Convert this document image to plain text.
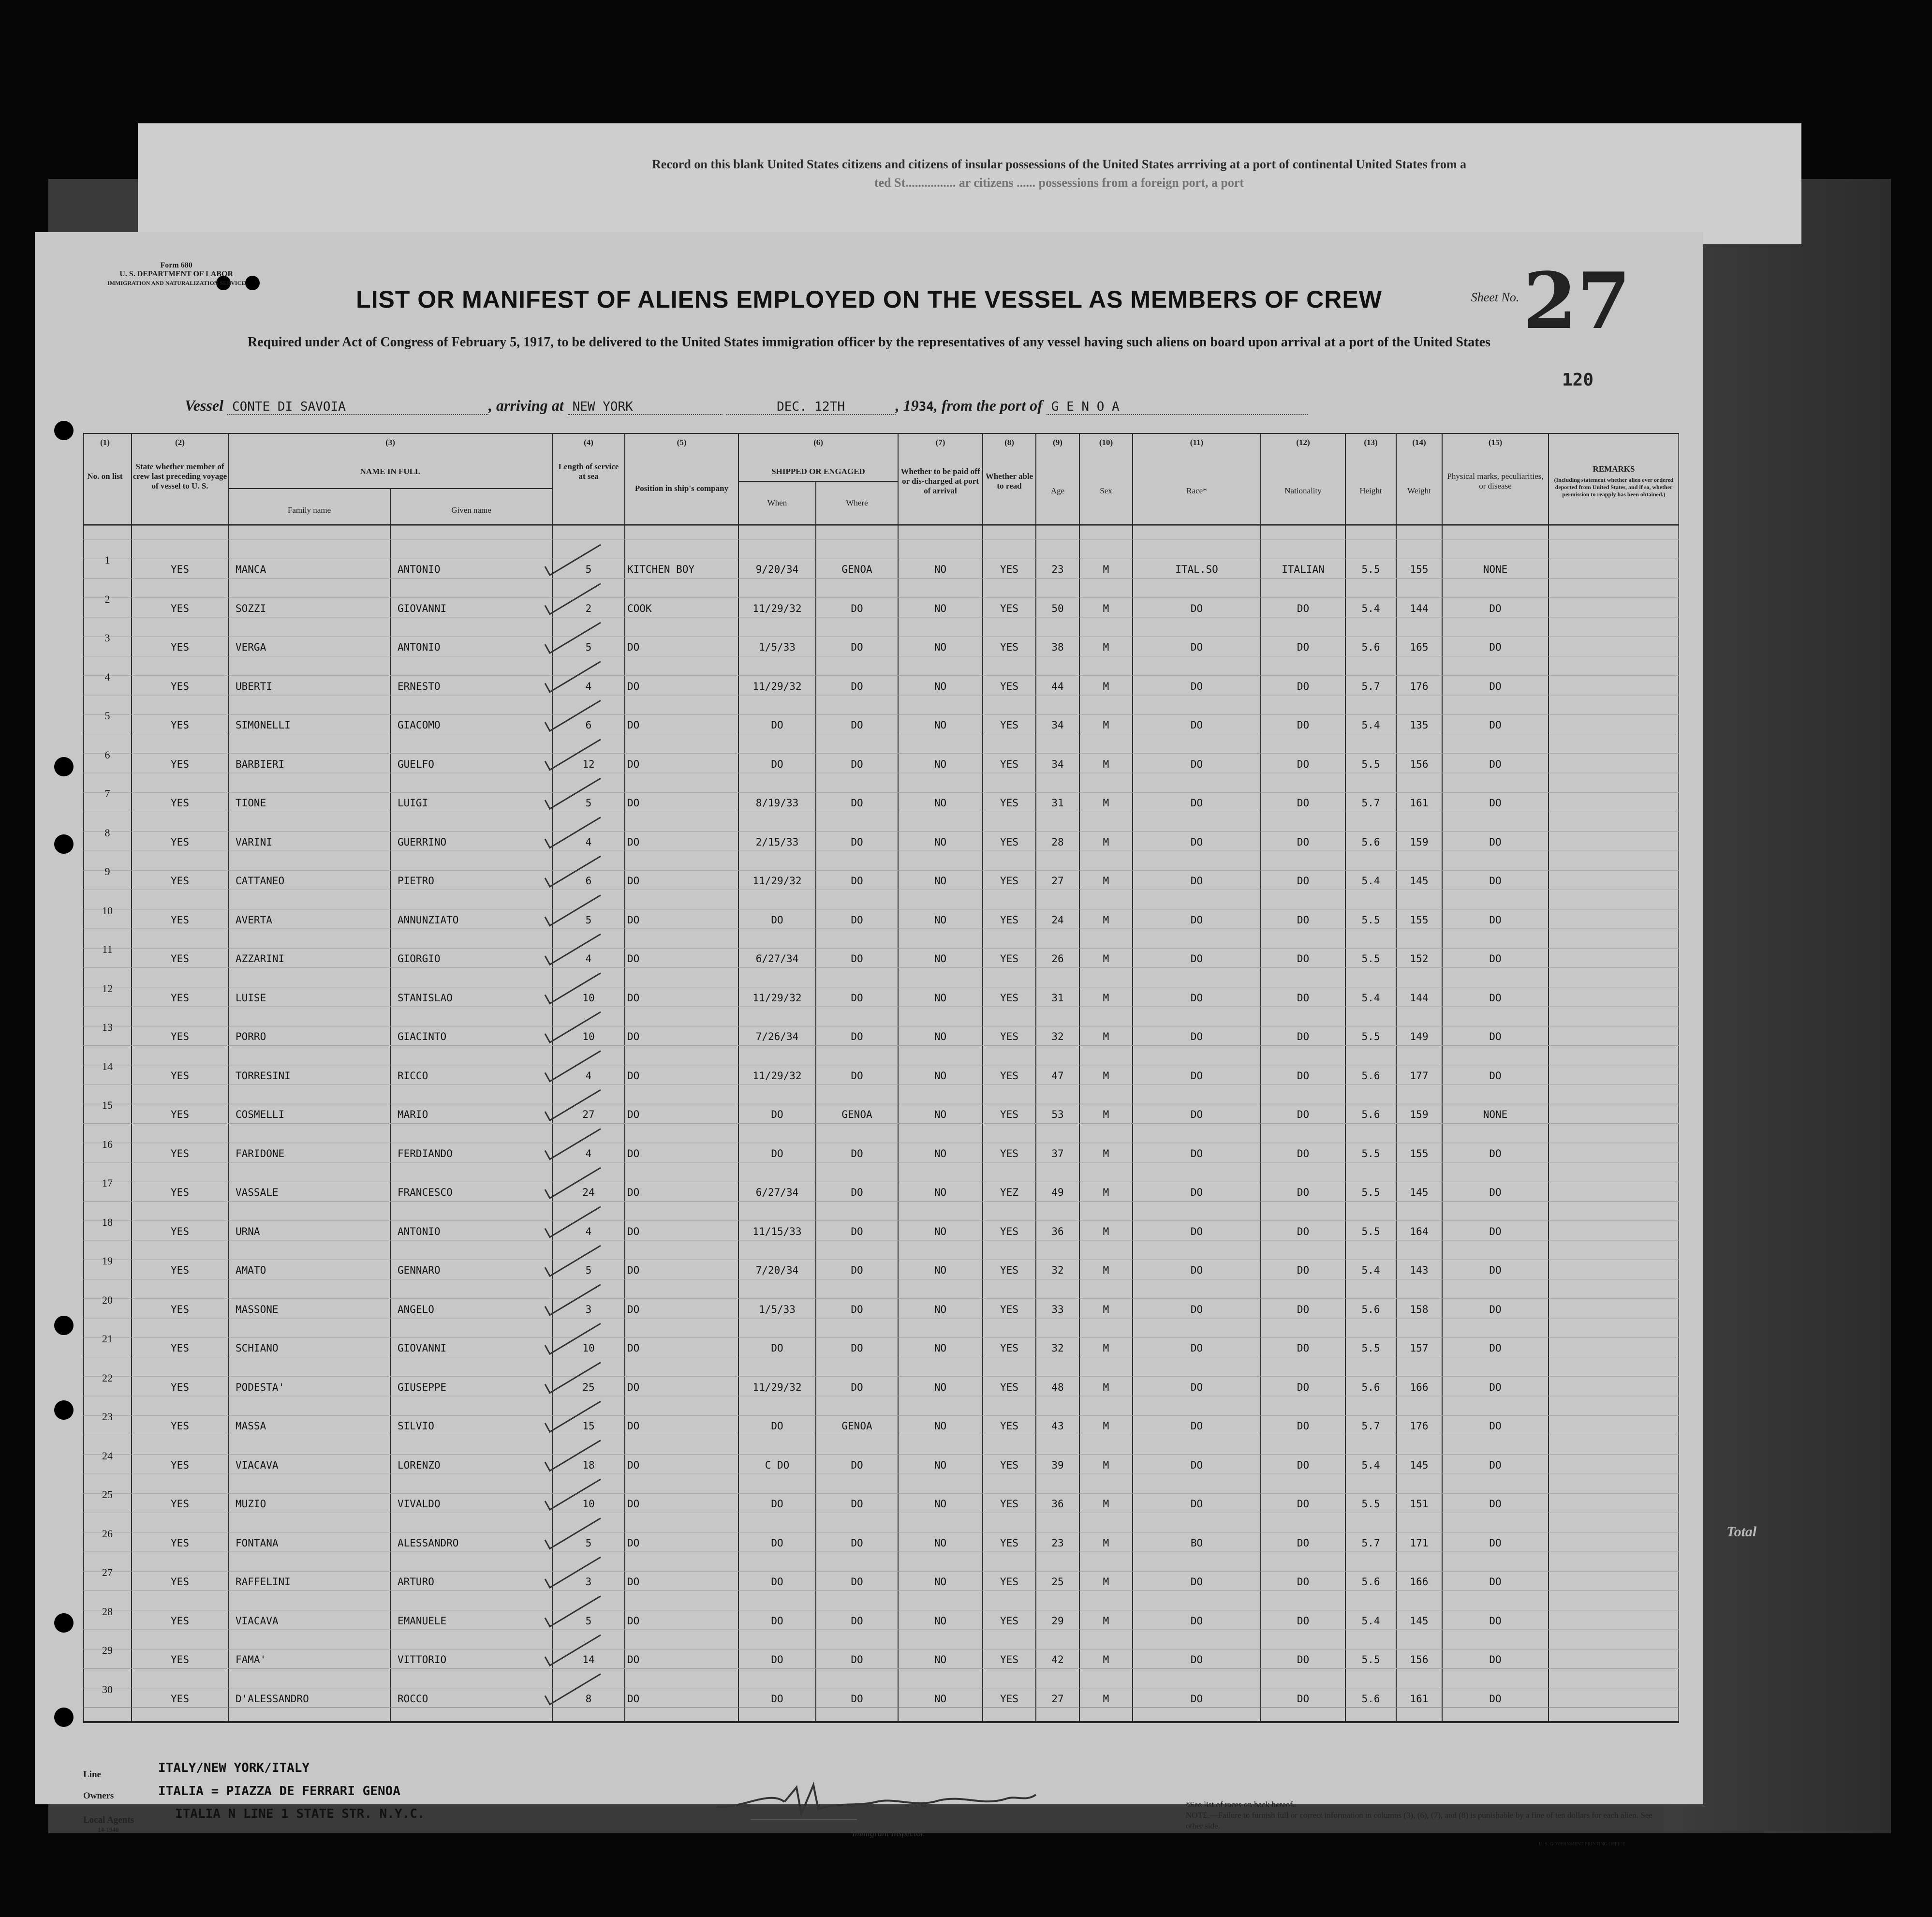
Record on this blank United States citizens and citizens of insular possessions of the United States arrriving at a port of continental United States from a
ted St................ ar citizens ...... possessions from a foreign port, a port
Total
Form 680
U. S. DEPARTMENT OF LABOR
IMMIGRATION AND NATURALIZATION SERVICE
Sheet No.27
LIST OR MANIFEST OF ALIENS EMPLOYED ON THE VESSEL AS MEMBERS OF CREW
Required under Act of Congress of February 5, 1917, to be delivered to the United States immigration officer by the representatives of any vessel having such aliens on board upon arrival at a port of the United States
120
Vessel CONTE DI SAVOIA	, arriving at NEW YORK	DEC. 12TH	, 1934, from the port of G E N O A
(1)
No. on list
(2)
State whether member of crew last preceding voyage of vessel to U. S.
(3)
NAME IN FULL
Family name	Given name
(4)
Length of service at sea
(5)
Position in ship's company
(6)
SHIPPED OR ENGAGED
When	Where
(7)
Whether to be paid off or dis-charged at port of arrival
(8)
Whether able to read
(9)
Age
(10)
Sex
(11)
Race*
(12)
Nationality
(13)
Height
(14)
Weight
(15)
Physical marks, peculiarities, or disease
REMARKS
(Including statement whether alien ever ordered deported from United States, and if so, whether permission to reapply has been obtained.)
1
YES	MANCA	ANTONIO	5	KITCHEN BOY	9/20/34	GENOA	NO	YES	23	M	ITAL.SO	ITALIAN	5.5	155	NONE
2
YES	SOZZI	GIOVANNI	2	COOK	11/29/32	DO	NO	YES	50	M	DO	DO	5.4	144	DO
3
YES	VERGA	ANTONIO	5	DO	1/5/33	DO	NO	YES	38	M	DO	DO	5.6	165	DO
4
YES	UBERTI	ERNESTO	4	DO	11/29/32	DO	NO	YES	44	M	DO	DO	5.7	176	DO
5
YES	SIMONELLI	GIACOMO	6	DO	DO	DO	NO	YES	34	M	DO	DO	5.4	135	DO
6
YES	BARBIERI	GUELFO	12	DO	DO	DO	NO	YES	34	M	DO	DO	5.5	156	DO
7
YES	TIONE	LUIGI	5	DO	8/19/33	DO	NO	YES	31	M	DO	DO	5.7	161	DO
8
YES	VARINI	GUERRINO	4	DO	2/15/33	DO	NO	YES	28	M	DO	DO	5.6	159	DO
9
YES	CATTANEO	PIETRO	6	DO	11/29/32	DO	NO	YES	27	M	DO	DO	5.4	145	DO
10
YES	AVERTA	ANNUNZIATO	5	DO	DO	DO	NO	YES	24	M	DO	DO	5.5	155	DO
11
YES	AZZARINI	GIORGIO	4	DO	6/27/34	DO	NO	YES	26	M	DO	DO	5.5	152	DO
12
YES	LUISE	STANISLAO	10	DO	11/29/32	DO	NO	YES	31	M	DO	DO	5.4	144	DO
13
YES	PORRO	GIACINTO	10	DO	7/26/34	DO	NO	YES	32	M	DO	DO	5.5	149	DO
14
YES	TORRESINI	RICCO	4	DO	11/29/32	DO	NO	YES	47	M	DO	DO	5.6	177	DO
15
YES	COSMELLI	MARIO	27	DO	DO	GENOA	NO	YES	53	M	DO	DO	5.6	159	NONE
16
YES	FARIDONE	FERDIANDO	4	DO	DO	DO	NO	YES	37	M	DO	DO	5.5	155	DO
17
YES	VASSALE	FRANCESCO	24	DO	6/27/34	DO	NO	YEZ	49	M	DO	DO	5.5	145	DO
18
YES	URNA	ANTONIO	4	DO	11/15/33	DO	NO	YES	36	M	DO	DO	5.5	164	DO
19
YES	AMATO	GENNARO	5	DO	7/20/34	DO	NO	YES	32	M	DO	DO	5.4	143	DO
20
YES	MASSONE	ANGELO	3	DO	1/5/33	DO	NO	YES	33	M	DO	DO	5.6	158	DO
21
YES	SCHIANO	GIOVANNI	10	DO	DO	DO	NO	YES	32	M	DO	DO	5.5	157	DO
22
YES	PODESTA'	GIUSEPPE	25	DO	11/29/32	DO	NO	YES	48	M	DO	DO	5.6	166	DO
23
YES	MASSA	SILVIO	15	DO	DO	GENOA	NO	YES	43	M	DO	DO	5.7	176	DO
24
YES	VIACAVA	LORENZO	18	DO	C DO	DO	NO	YES	39	M	DO	DO	5.4	145	DO
25
YES	MUZIO	VIVALDO	10	DO	DO	DO	NO	YES	36	M	DO	DO	5.5	151	DO
26
YES	FONTANA	ALESSANDRO	5	DO	DO	DO	NO	YES	23	M	BO	DO	5.7	171	DO
27
YES	RAFFELINI	ARTURO	3	DO	DO	DO	NO	YES	25	M	DO	DO	5.6	166	DO
28
YES	VIACAVA	EMANUELE	5	DO	DO	DO	NO	YES	29	M	DO	DO	5.4	145	DO
29
YES	FAMA'	VITTORIO	14	DO	DO	DO	NO	YES	42	M	DO	DO	5.5	156	DO
30
YES	D'ALESSANDRO	ROCCO	8	DO	DO	DO	NO	YES	27	M	DO	DO	5.6	161	DO
Line	ITALY/NEW YORK/ITALY
Owners	ITALIA = PIAZZA DE FERRARI GENOA
Local Agents
14-1940
ITALIA N LINE 1 STATE STR. N.Y.C.
Immigrant Inspector.
*See list of races on back hereof.
NOTE.—Failure to furnish full or correct information in columns (3), (6), (7), and (8) is punishable by a fine of ten dollars for each alien. See other side.
U. S. GOVERNMENT PRINTING OFFICE
